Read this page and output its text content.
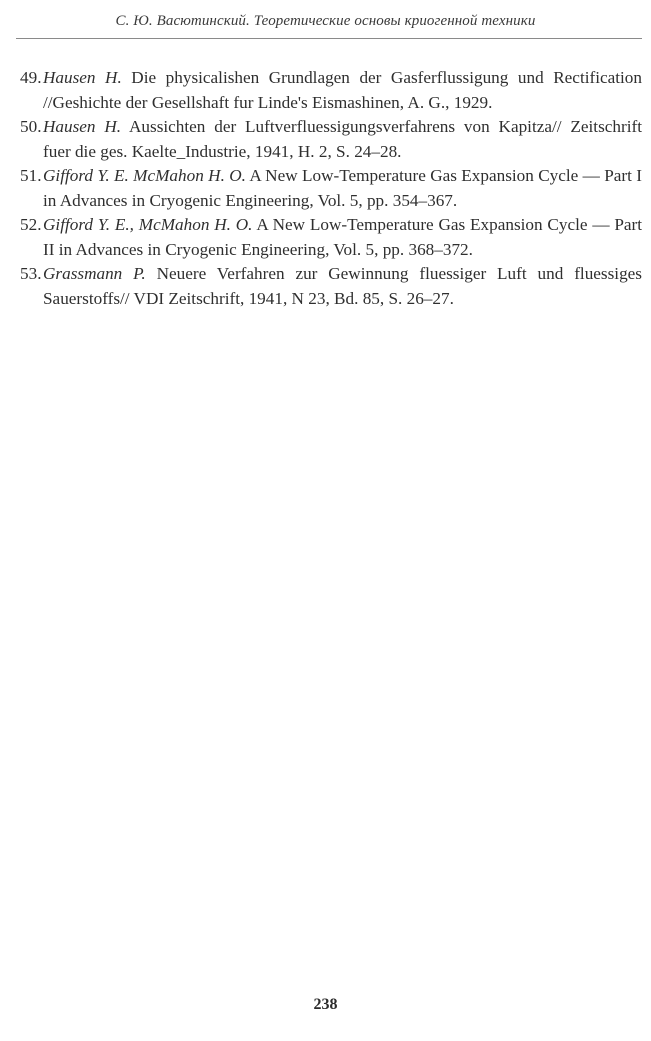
С. Ю. Васютинский. Теоретические основы криогенной техники
49. Hausen H. Die physicalishen Grundlagen der Gasferflussigung und Rectification //Geshichte der Gesellshaft fur Linde's Eismashinen, A. G., 1929.
50. Hausen H. Aussichten der Luftverfluessigungsverfahrens von Kapitza// Zeitschrift fuer die ges. Kaelte_Industrie, 1941, H. 2, S. 24–28.
51. Gifford Y. E. McMahon H. O. A New Low-Temperature Gas Expansion Cycle — Part I in Advances in Cryogenic Engineering, Vol. 5, pp. 354–367.
52. Gifford Y. E., McMahon H. O. A New Low-Temperature Gas Expansion Cycle — Part II in Advances in Cryogenic Engineering, Vol. 5, pp. 368–372.
53. Grassmann P. Neuere Verfahren zur Gewinnung fluessiger Luft und fluessiges Sauerstoffs// VDI Zeitschrift, 1941, N 23, Bd. 85, S. 26–27.
238
